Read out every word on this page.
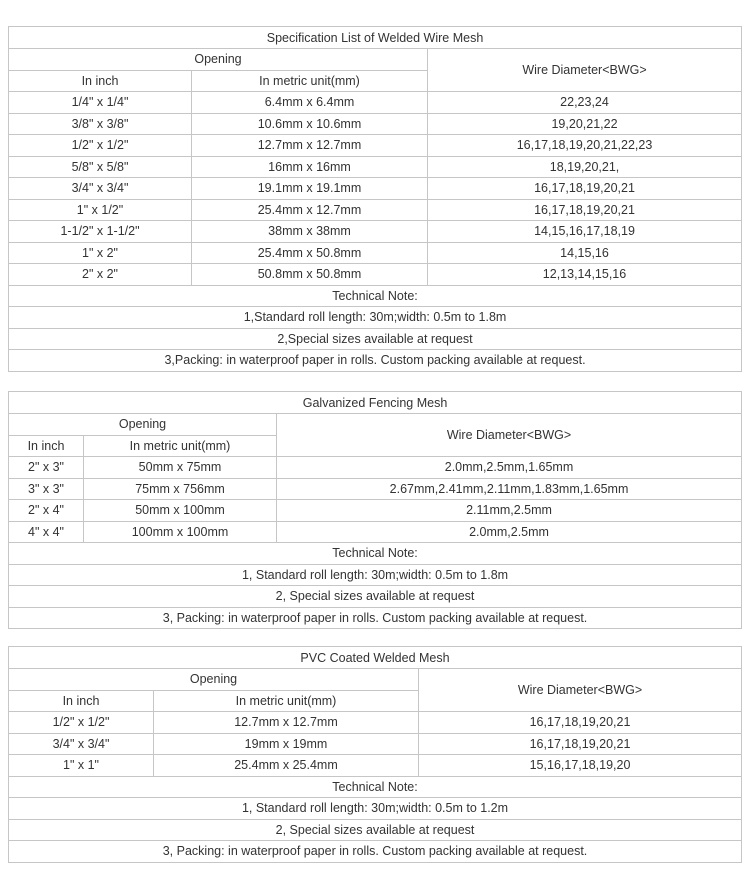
Specification List of Welded Wire Mesh		
Opening		Wire Diameter<BWG>
In inch	In metric unit(mm)	
1/4" x 1/4"	6.4mm x 6.4mm	22,23,24
3/8" x 3/8"	10.6mm x 10.6mm	19,20,21,22
1/2" x 1/2"	12.7mm x 12.7mm	16,17,18,19,20,21,22,23
5/8" x 5/8"	16mm x 16mm	18,19,20,21,
3/4" x 3/4"	19.1mm x 19.1mm	16,17,18,19,20,21
1" x 1/2"	25.4mm x 12.7mm	16,17,18,19,20,21
1-1/2" x 1-1/2"	38mm x 38mm	14,15,16,17,18,19
1" x 2"	25.4mm x 50.8mm	14,15,16
2" x 2"	50.8mm x 50.8mm	12,13,14,15,16
Technical Note:		
1,Standard roll length: 30m;width: 0.5m to 1.8m		
2,Special sizes available at request		
3,Packing: in waterproof paper in rolls. Custom packing available at request.		
Galvanized Fencing Mesh		
Opening		Wire Diameter<BWG>
In inch	In metric unit(mm)	
2" x 3"	50mm x 75mm	2.0mm,2.5mm,1.65mm
3" x 3"	75mm x 756mm	2.67mm,2.41mm,2.11mm,1.83mm,1.65mm
2" x 4"	50mm x 100mm	2.11mm,2.5mm
4" x 4"	100mm x 100mm	2.0mm,2.5mm
Technical Note:		
1, Standard roll length: 30m;width: 0.5m to 1.8m		
2, Special sizes available at request		
3, Packing: in waterproof paper in rolls. Custom packing available at request.		
PVC Coated Welded Mesh		
Opening		Wire Diameter<BWG>
In inch	In metric unit(mm)	
1/2" x 1/2"	12.7mm x 12.7mm	16,17,18,19,20,21
3/4" x 3/4"	19mm x 19mm	16,17,18,19,20,21
1" x 1"	25.4mm x 25.4mm	15,16,17,18,19,20
Technical Note:		
1, Standard roll length: 30m;width: 0.5m to 1.2m		
2, Special sizes available at request		
3, Packing: in waterproof paper in rolls. Custom packing available at request.		
